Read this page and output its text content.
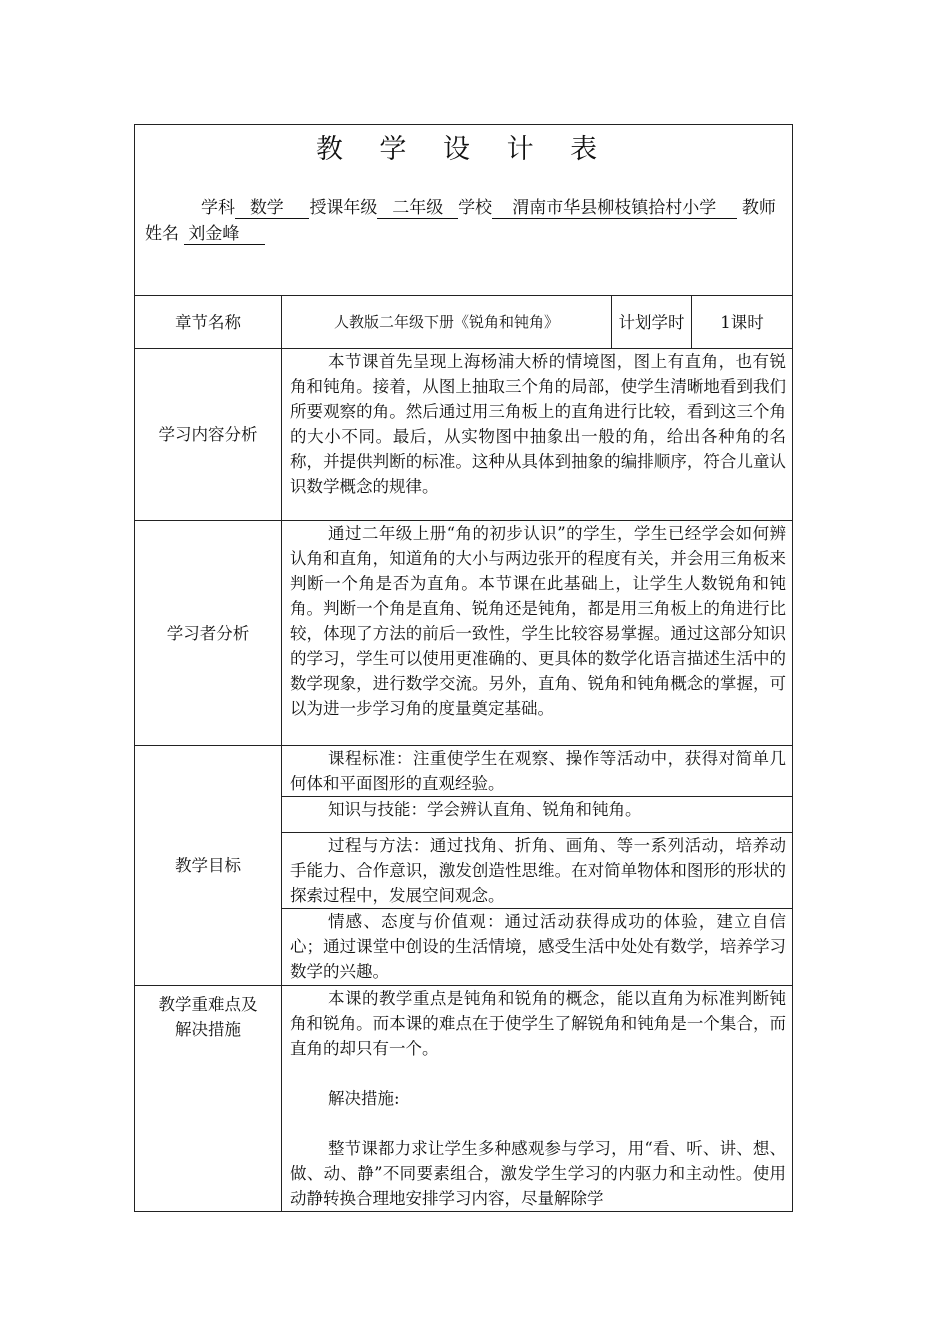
教 学 设 计 表
学科 数学 授课年级 二年级 学校 渭南市华县柳枝镇拾村小学 教师姓名 刘金峰			

章节名称	人教版二年级下册《锐角和钝角》	计划学时	1课时
学习内容分析	本节课首先呈现上海杨浦大桥的情境图，图上有直角，也有锐角和钝角。接着，从图上抽取三个角的局部，使学生清晰地看到我们所要观察的角。然后通过用三角板上的直角进行比较，看到这三个角的大小不同。最后，从实物图中抽象出一般的角，给出各种角的名称，并提供判断的标准。这种从具体到抽象的编排顺序，符合儿童认识数学概念的规律。		

学习者分析	通过二年级上册“角的初步认识”的学生，学生已经学会如何辨认角和直角，知道角的大小与两边张开的程度有关，并会用三角板来判断一个角是否为直角。本节课在此基础上，让学生人数锐角和钝角。判断一个角是直角、锐角还是钝角，都是用三角板上的角进行比较，体现了方法的前后一致性，学生比较容易掌握。通过这部分知识的学习，学生可以使用更准确的、更具体的数学化语言描述生活中的数学现象，进行数学交流。另外，直角、锐角和钝角概念的掌握，可以为进一步学习角的度量奠定基础。		

教学目标	课程标准：注重使学生在观察、操作等活动中，获得对简单几何体和平面图形的直观经验。		

	知识与技能：学会辨认直角、锐角和钝角。		

	过程与方法：通过找角、折角、画角、等一系列活动，培养动手能力、合作意识，激发创造性思维。在对简单物体和图形的形状的探索过程中，发展空间观念。		

	情感、态度与价值观：通过活动获得成功的体验，建立自信心；通过课堂中创设的生活情境，感受生活中处处有数学，培养学习数学的兴趣。		

教学重难点及解决措施	本课的教学重点是钝角和锐角的概念，能以直角为标准判断钝角和锐角。而本课的难点在于使学生了解锐角和钝角是一个集合，而直角的却只有一个。

解决措施:

整节课都力求让学生多种感观参与学习，用“看、听、讲、想、做、动、静”不同要素组合，激发学生学习的内驱力和主动性。使用动静转换合理地安排学习内容，尽量解除学		
